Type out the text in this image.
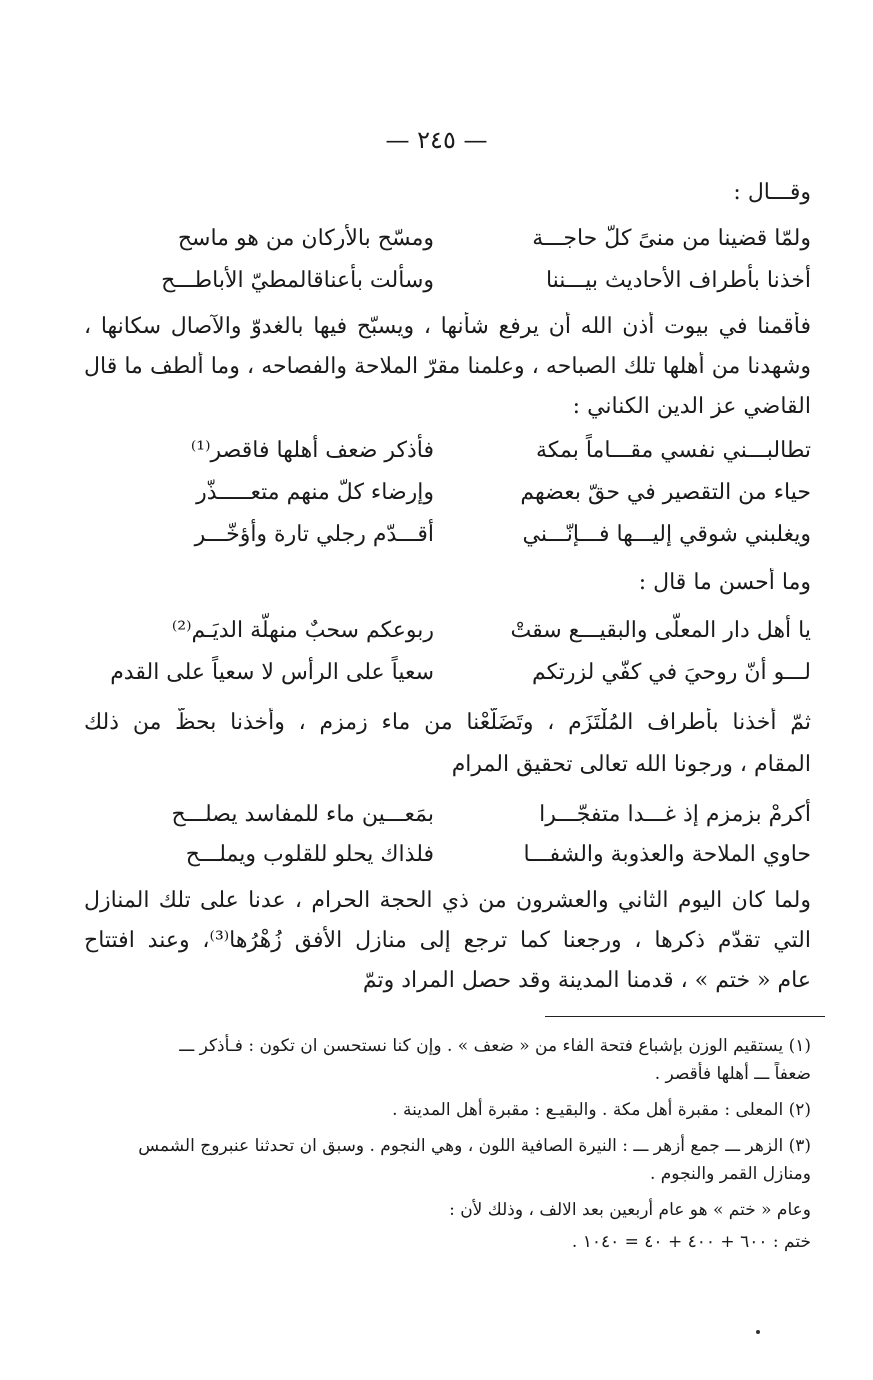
— ٢٤٥ —
وقـــال :
ولمّا قضينا من منىً كلّ حاجـــة
ومسّح بالأركان من هو ماسح
أخذنا بأطراف الأحاديث بيـــننا
وسألت بأعناقالمطيّ الأباطـــح
فأقمنا في بيوت أذن الله أن يرفع شأنها ، ويسبّح فيها بالغدوّ والآصال سكانها ،
وشهدنا من أهلها تلك الصباحه ، وعلمنا مقرّ الملاحة والفصاحه ، وما ألطف ما قال
القاضي عز الدين الكناني :
تطالبـــني نفسي مقـــاماً بمكة
فأذكر ضعف أهلها فاقصر⁽¹⁾
حياء من التقصير في حقّ بعضهم
وإرضاء كلّ منهم متعـــــذّر
ويغلبني شوقي إليـــها فـــإنّـــني
أقـــدّم رجلي تارة وأؤخّـــر
وما أحسن ما قال :
يا أهل دار المعلّى والبقيـــع سقتْ
ربوعكم سحبٌ منهلّة الديَـم⁽²⁾
لـــو أنّ روحيَ في كفّي لزرتكم
سعياً على الرأس لا سعياً على القدم
ثمّ أخذنا بأطراف المُلْتَزَم ، وتَضَلّعْنا من ماء زمزم ، وأخذنا بحظّ من ذلك
المقام ، ورجونا الله تعالى تحقيق المرام
أكرمْ بزمزم إذ غـــدا متفجّـــرا
بمَعـــين ماء للمفاسد يصلـــح
حاوي الملاحة والعذوبة والشفـــا
فلذاك يحلو للقلوب ويملـــح
ولما كان اليوم الثاني والعشرون من ذي الحجة الحرام ، عدنا على تلك المنازل
التي تقدّم ذكرها ، ورجعنا كما ترجع إلى منازل الأفق زُهْرُها⁽³⁾، وعند افتتاح
عام « ختم » ، قدمنا المدينة وقد حصل المراد وتمّ
(١) يستقيم الوزن بإشباع فتحة الفاء من « ضعف » . وإن كنا نستحسن ان تكون : فـأذكر ـــ
ضعفاً ـــ أهلها فأقصر .
(٢) المعلى : مقبرة أهل مكة . والبقيـع : مقبرة أهل المدينة .
(٣) الزهر ـــ جمع أزهر ـــ : النيرة الصافية اللون ، وهي النجوم . وسبق ان تحدثنا عنبروج الشمس
ومنازل القمر والنجوم .
وعام « ختم » هو عام أربعين بعد الالف ، وذلك لأن :
ختم : ٦٠٠ + ٤٠٠ + ٤٠ = ١٠٤٠ .
